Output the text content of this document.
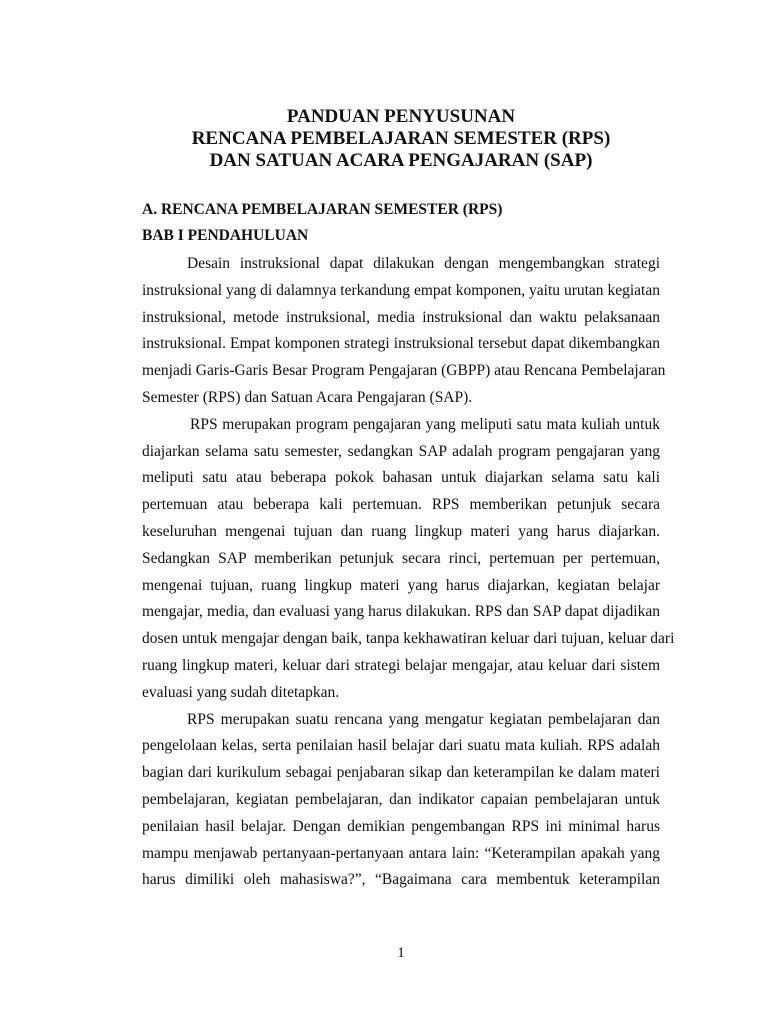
PANDUAN PENYUSUNAN
RENCANA PEMBELAJARAN SEMESTER (RPS)
DAN SATUAN ACARA PENGAJARAN (SAP)
A. RENCANA PEMBELAJARAN SEMESTER (RPS)
BAB I PENDAHULUAN
Desain instruksional dapat dilakukan dengan mengembangkan strategi
instruksional yang di dalamnya terkandung empat komponen, yaitu urutan kegiatan
instruksional, metode instruksional, media instruksional dan waktu pelaksanaan
instruksional. Empat komponen strategi instruksional tersebut dapat dikembangkan
menjadi Garis-Garis Besar Program Pengajaran (GBPP) atau Rencana Pembelajaran
Semester (RPS) dan Satuan Acara Pengajaran (SAP).
RPS merupakan program pengajaran yang meliputi satu mata kuliah untuk
diajarkan selama satu semester, sedangkan SAP adalah program pengajaran yang
meliputi satu atau beberapa pokok bahasan untuk diajarkan selama satu kali
pertemuan atau beberapa kali pertemuan. RPS memberikan petunjuk secara
keseluruhan mengenai tujuan dan ruang lingkup materi yang harus diajarkan.
Sedangkan SAP memberikan petunjuk secara rinci, pertemuan per pertemuan,
mengenai tujuan, ruang lingkup materi yang harus diajarkan, kegiatan belajar
mengajar, media, dan evaluasi yang harus dilakukan. RPS dan SAP dapat dijadikan
dosen untuk mengajar dengan baik, tanpa kekhawatiran keluar dari tujuan, keluar dari
ruang lingkup materi, keluar dari strategi belajar mengajar, atau keluar dari sistem
evaluasi yang sudah ditetapkan.
RPS merupakan suatu rencana yang mengatur kegiatan pembelajaran dan
pengelolaan kelas, serta penilaian hasil belajar dari suatu mata kuliah. RPS adalah
bagian dari kurikulum sebagai penjabaran sikap dan keterampilan ke dalam materi
pembelajaran, kegiatan pembelajaran, dan indikator capaian pembelajaran untuk
penilaian hasil belajar. Dengan demikian pengembangan RPS ini minimal harus
mampu menjawab pertanyaan-pertanyaan antara lain: “Keterampilan apakah yang
harus dimiliki oleh mahasiswa?”, “Bagaimana cara membentuk keterampilan
1
